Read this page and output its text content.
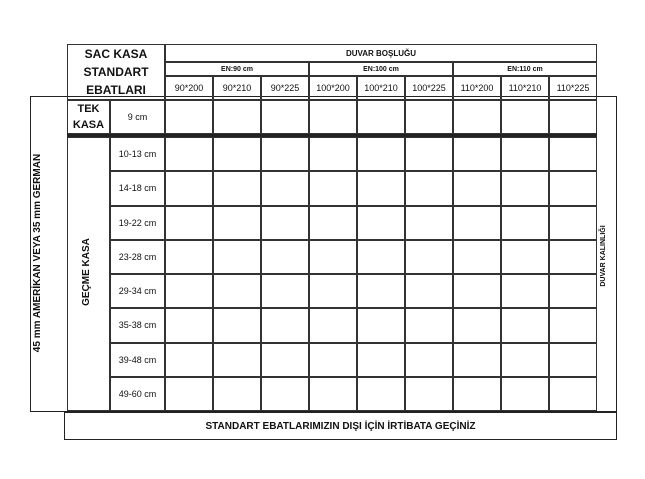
STANDART EBATLARIMIZIN DIŞI İÇİN İRTİBATA GEÇİNİZ
SAC KASA
STANDART
EBATLARI
DUVAR BOŞLUĞU
EN:90 cm	EN:100 cm	EN:110 cm
90*200	90*210	90*225	100*200	100*210	100*225	110*200	110*210	110*225
TEK
KASA
9 cm
GEÇME KASA
10-13 cm
14-18 cm
19-22 cm
23-28 cm
29-34 cm
35-38 cm
39-48 cm
49-60 cm
45 mm AMERİKAN VEYA 35 mm GERMAN	DUVAR KALINLIĞI
